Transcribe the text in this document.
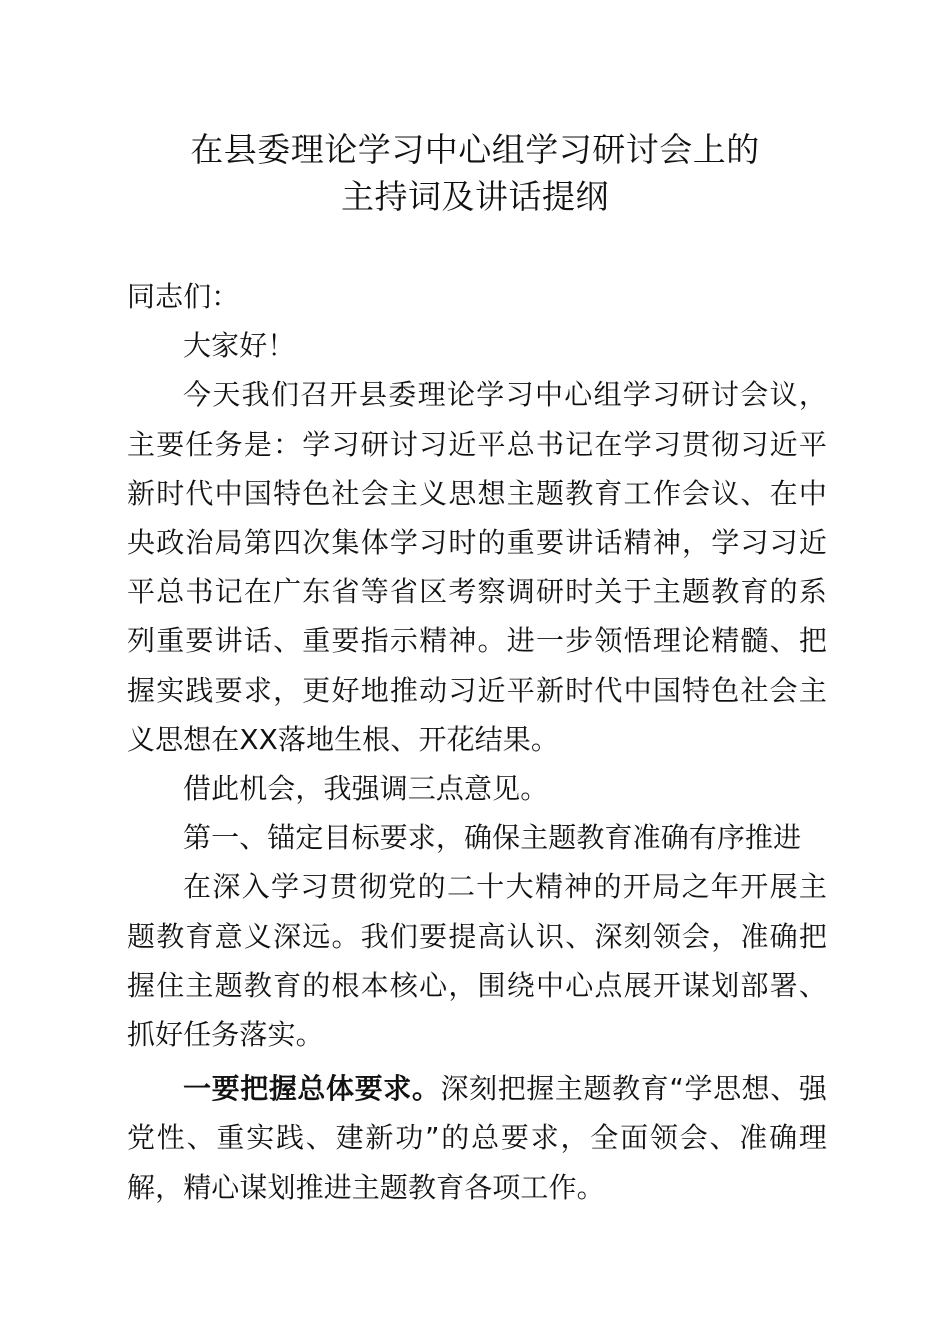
在县委理论学习中心组学习研讨会上的
主持词及讲话提纲

同志们：

大家好！

今天我们召开县委理论学习中心组学习研讨会议，主要任务是：学习研讨习近平总书记在学习贯彻习近平新时代中国特色社会主义思想主题教育工作会议、在中央政治局第四次集体学习时的重要讲话精神，学习习近平总书记在广东省等省区考察调研时关于主题教育的系列重要讲话、重要指示精神。进一步领悟理论精髓、把握实践要求，更好地推动习近平新时代中国特色社会主义思想在XX落地生根、开花结果。

借此机会，我强调三点意见。

第一、锚定目标要求，确保主题教育准确有序推进

在深入学习贯彻党的二十大精神的开局之年开展主题教育意义深远。我们要提高认识、深刻领会，准确把握住主题教育的根本核心，围绕中心点展开谋划部署、抓好任务落实。

一要把握总体要求。深刻把握主题教育“学思想、强党性、重实践、建新功”的总要求，全面领会、准确理解，精心谋划推进主题教育各项工作。
